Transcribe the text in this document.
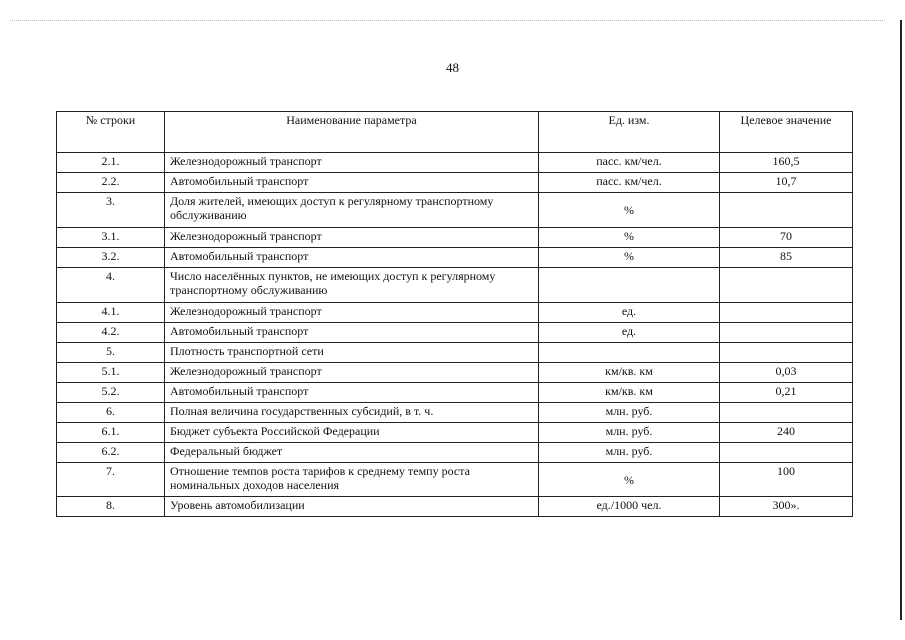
48
№ строки	Наименование параметра	Ед. изм.	Целевое значение
2.1.	Железнодорожный транспорт	пасс. км/чел.	160,5
2.2.	Автомобильный транспорт	пасс. км/чел.	10,7
3.	Доля жителей, имеющих доступ к регулярному транспортному обслуживанию	%	
3.1.	Железнодорожный транспорт	%	70
3.2.	Автомобильный транспорт	%	85
4.	Число населённых пунктов, не имеющих доступ к регулярному транспортному обслуживанию		
4.1.	Железнодорожный транспорт	ед.	
4.2.	Автомобильный транспорт	ед.	
5.	Плотность транспортной сети		
5.1.	Железнодорожный транспорт	км/кв. км	0,03
5.2.	Автомобильный транспорт	км/кв. км	0,21
6.	Полная величина государственных субсидий, в т. ч.	млн. руб.	
6.1.	Бюджет субъекта Российской Федерации	млн. руб.	240
6.2.	Федеральный бюджет	млн. руб.	
7.	Отношение темпов роста тарифов к среднему темпу роста номинальных доходов населения	%	100
8.	Уровень автомобилизации	ед./1000 чел.	300».
